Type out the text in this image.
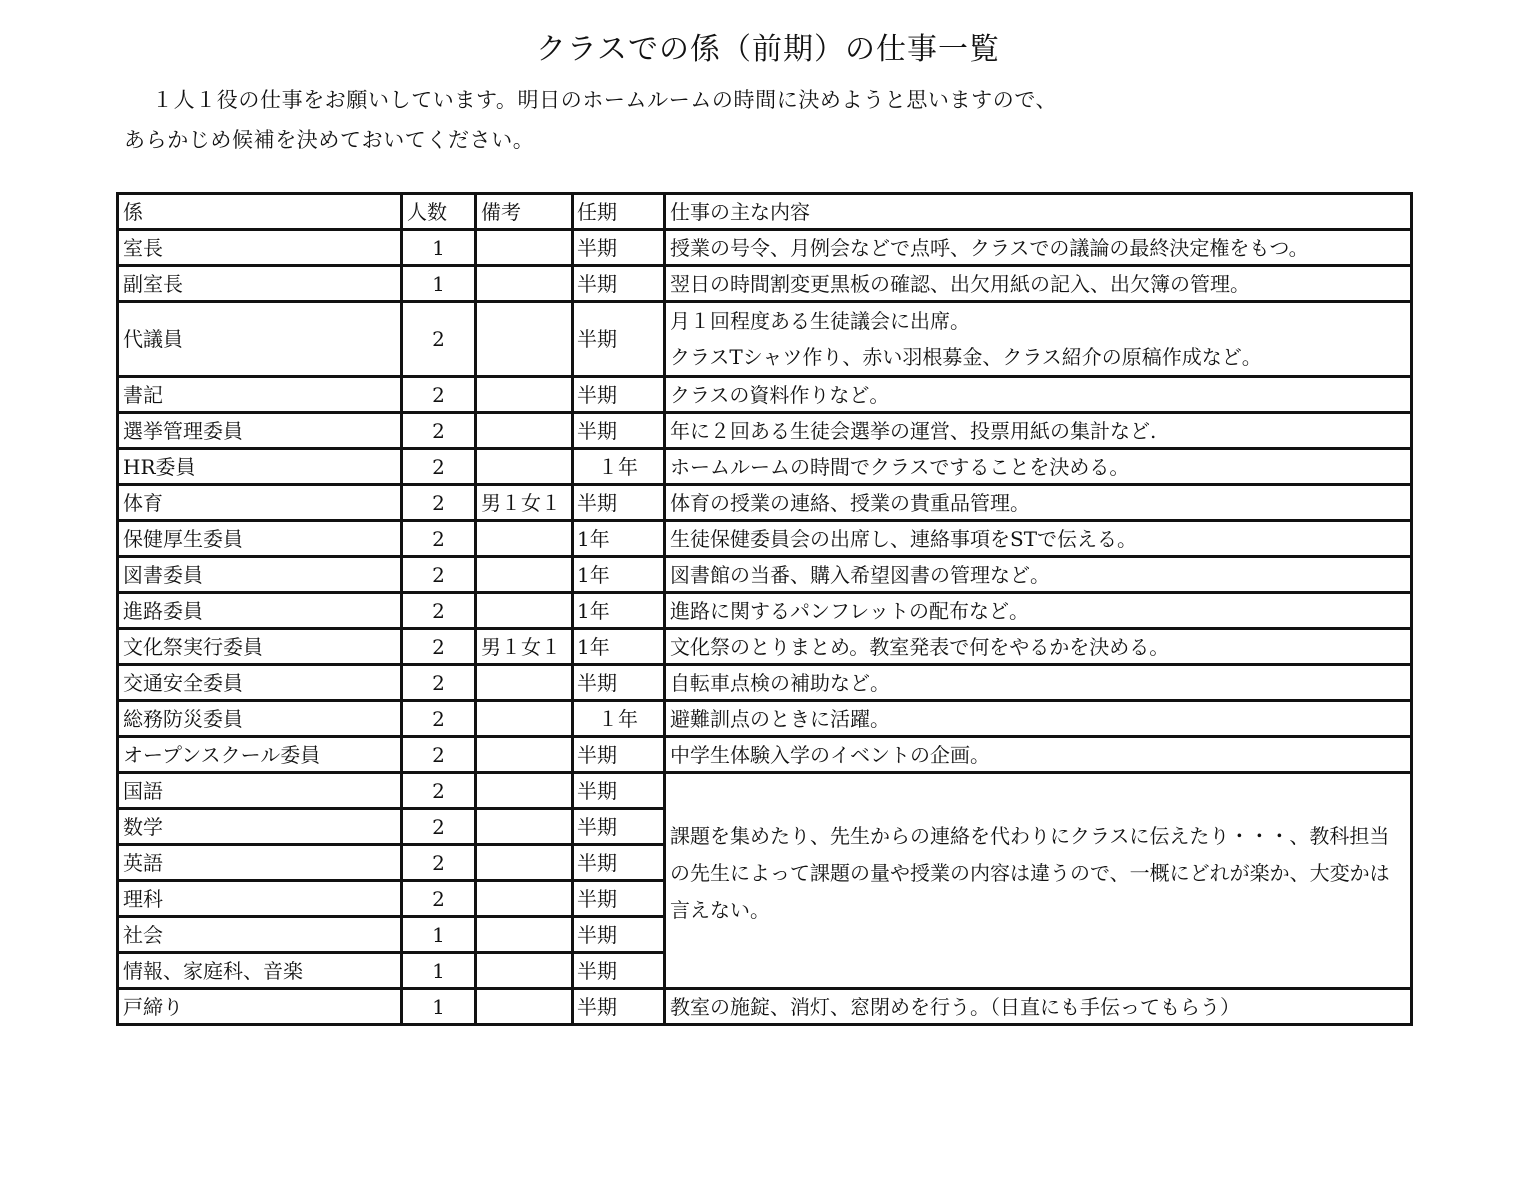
クラスでの係（前期）の仕事一覧
１人１役の仕事をお願いしています。明日のホームルームの時間に決めようと思いますので、
あらかじめ候補を決めておいてください。
係	人数	備考	任期	仕事の主な内容
室長	1		半期	授業の号令、月例会などで点呼、クラスでの議論の最終決定権をもつ。
副室長	1		半期	翌日の時間割変更黒板の確認、出欠用紙の記入、出欠簿の管理。
代議員	2		半期	月１回程度ある生徒議会に出席。
クラスTシャツ作り、赤い羽根募金、クラス紹介の原稿作成など。

書記	2		半期	クラスの資料作りなど。
選挙管理委員	2		半期	年に２回ある生徒会選挙の運営、投票用紙の集計など.
HR委員	2		１年	ホームルームの時間でクラスですることを決める。
体育	2	男１女１	半期	体育の授業の連絡、授業の貴重品管理。
保健厚生委員	2		1年	生徒保健委員会の出席し、連絡事項をSTで伝える。
図書委員	2		1年	図書館の当番、購入希望図書の管理など。
進路委員	2		1年	進路に関するパンフレットの配布など。
文化祭実行委員	2	男１女１	1年	文化祭のとりまとめ。教室発表で何をやるかを決める。
交通安全委員	2		半期	自転車点検の補助など。
総務防災委員	2		１年	避難訓点のときに活躍。
オープンスクール委員	2		半期	中学生体験入学のイベントの企画。
国語	2		半期	課題を集めたり、先生からの連絡を代わりにクラスに伝えたり・・・、教科担当の先生によって課題の量や授業の内容は違うので、一概にどれが楽か、大変かは言えない。
数学	2		半期	
英語	2		半期	
理科	2		半期	
社会	1		半期	
情報、家庭科、音楽	1		半期	
戸締り	1		半期	教室の施錠、消灯、窓閉めを行う。（日直にも手伝ってもらう）
